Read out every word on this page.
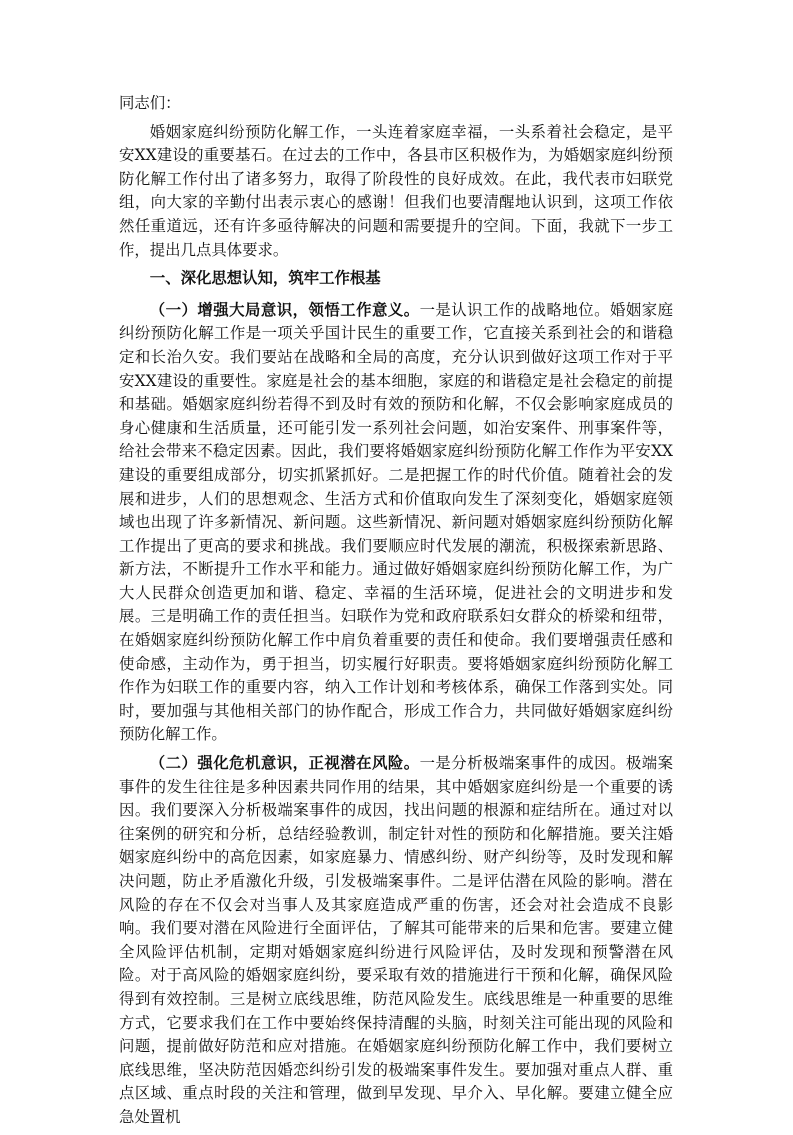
同志们：

婚姻家庭纠纷预防化解工作，一头连着家庭幸福，一头系着社会稳定，是平安XX建设的重要基石。在过去的工作中，各县市区积极作为，为婚姻家庭纠纷预防化解工作付出了诸多努力，取得了阶段性的良好成效。在此，我代表市妇联党组，向大家的辛勤付出表示衷心的感谢！但我们也要清醒地认识到，这项工作依然任重道远，还有许多亟待解决的问题和需要提升的空间。下面，我就下一步工作，提出几点具体要求。

一、深化思想认知，筑牢工作根基

（一）增强大局意识，领悟工作意义。一是认识工作的战略地位。婚姻家庭纠纷预防化解工作是一项关乎国计民生的重要工作，它直接关系到社会的和谐稳定和长治久安。我们要站在战略和全局的高度，充分认识到做好这项工作对于平安XX建设的重要性。家庭是社会的基本细胞，家庭的和谐稳定是社会稳定的前提和基础。婚姻家庭纠纷若得不到及时有效的预防和化解，不仅会影响家庭成员的身心健康和生活质量，还可能引发一系列社会问题，如治安案件、刑事案件等，给社会带来不稳定因素。因此，我们要将婚姻家庭纠纷预防化解工作作为平安XX建设的重要组成部分，切实抓紧抓好。二是把握工作的时代价值。随着社会的发展和进步，人们的思想观念、生活方式和价值取向发生了深刻变化，婚姻家庭领域也出现了许多新情况、新问题。这些新情况、新问题对婚姻家庭纠纷预防化解工作提出了更高的要求和挑战。我们要顺应时代发展的潮流，积极探索新思路、新方法，不断提升工作水平和能力。通过做好婚姻家庭纠纷预防化解工作，为广大人民群众创造更加和谐、稳定、幸福的生活环境，促进社会的文明进步和发展。三是明确工作的责任担当。妇联作为党和政府联系妇女群众的桥梁和纽带，在婚姻家庭纠纷预防化解工作中肩负着重要的责任和使命。我们要增强责任感和使命感，主动作为，勇于担当，切实履行好职责。要将婚姻家庭纠纷预防化解工作作为妇联工作的重要内容，纳入工作计划和考核体系，确保工作落到实处。同时，要加强与其他相关部门的协作配合，形成工作合力，共同做好婚姻家庭纠纷预防化解工作。

（二）强化危机意识，正视潜在风险。一是分析极端案事件的成因。极端案事件的发生往往是多种因素共同作用的结果，其中婚姻家庭纠纷是一个重要的诱因。我们要深入分析极端案事件的成因，找出问题的根源和症结所在。通过对以往案例的研究和分析，总结经验教训，制定针对性的预防和化解措施。要关注婚姻家庭纠纷中的高危因素，如家庭暴力、情感纠纷、财产纠纷等，及时发现和解决问题，防止矛盾激化升级，引发极端案事件。二是评估潜在风险的影响。潜在风险的存在不仅会对当事人及其家庭造成严重的伤害，还会对社会造成不良影响。我们要对潜在风险进行全面评估，了解其可能带来的后果和危害。要建立健全风险评估机制，定期对婚姻家庭纠纷进行风险评估，及时发现和预警潜在风险。对于高风险的婚姻家庭纠纷，要采取有效的措施进行干预和化解，确保风险得到有效控制。三是树立底线思维，防范风险发生。底线思维是一种重要的思维方式，它要求我们在工作中要始终保持清醒的头脑，时刻关注可能出现的风险和问题，提前做好防范和应对措施。在婚姻家庭纠纷预防化解工作中，我们要树立底线思维，坚决防范因婚恋纠纷引发的极端案事件发生。要加强对重点人群、重点区域、重点时段的关注和管理，做到早发现、早介入、早化解。要建立健全应急处置机
